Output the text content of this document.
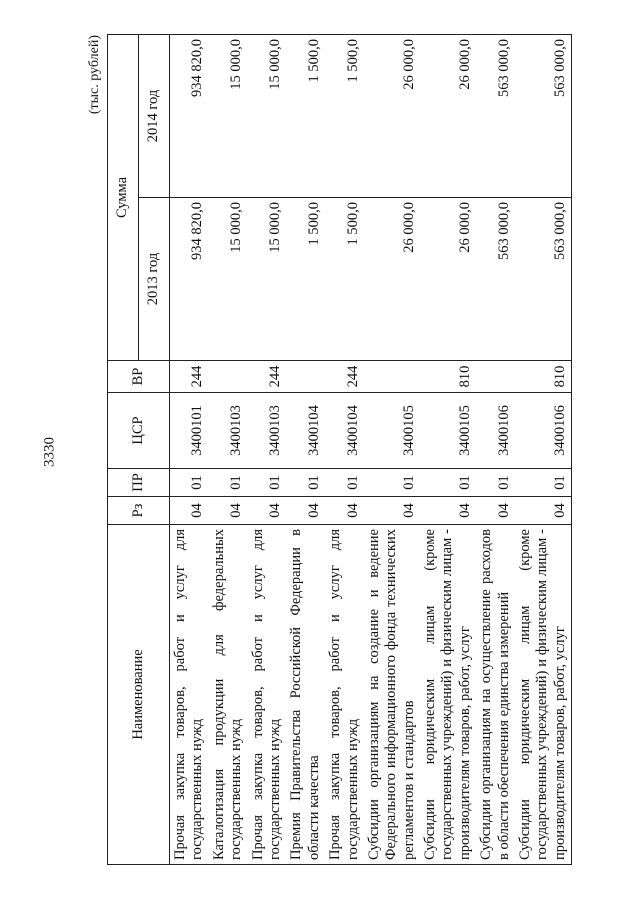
3330
(тыс. рублей)
Наименование	Рз	ПР	ЦСР	ВР	Сумма	
					2013 год	2014 год
Прочая закупка товаров, работ и услуг для государственных нужд	04	01	3400101	244	934 820,0	934 820,0
Каталогизация продукции для федеральных государственных нужд	04	01	3400103		15 000,0	15 000,0
Прочая закупка товаров, работ и услуг для государственных нужд	04	01	3400103	244	15 000,0	15 000,0
Премия Правительства Российской Федерации в области качества	04	01	3400104		1 500,0	1 500,0
Прочая закупка товаров, работ и услуг для государственных нужд	04	01	3400104	244	1 500,0	1 500,0
Субсидии организациям на создание и ведение Федерального информационного фонда технических регламентов и стандартов	04	01	3400105		26 000,0	26 000,0
Субсидии юридическим лицам (кроме государственных учреждений) и физическим лицам - производителям товаров, работ, услуг	04	01	3400105	810	26 000,0	26 000,0
Субсидии организациям на осуществление расходов в области обеспечения единства измерений	04	01	3400106		563 000,0	563 000,0
Субсидии юридическим лицам (кроме государственных учреждений) и физическим лицам - производителям товаров, работ, услуг	04	01	3400106	810	563 000,0	563 000,0
